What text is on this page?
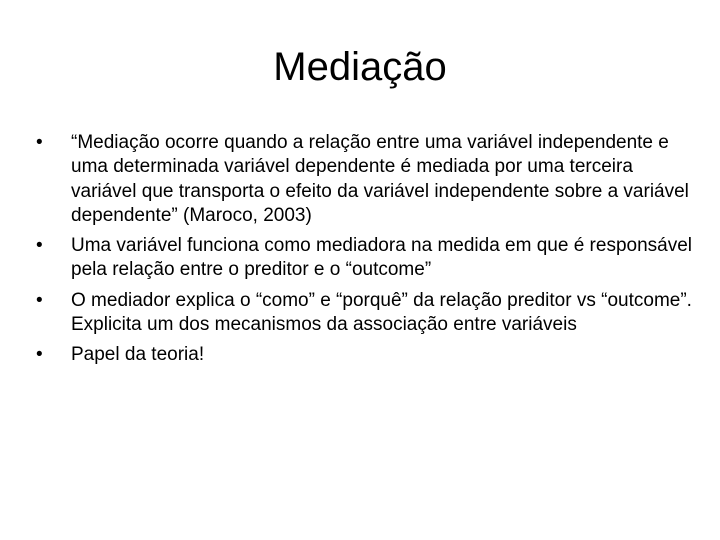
Mediação
•	“Mediação ocorre quando a relação entre uma variável independente e uma determinada variável dependente é mediada por uma terceira variável que transporta o efeito da variável independente sobre a variável dependente” (Maroco, 2003)
•	Uma variável funciona como mediadora na medida em que é responsável pela relação entre o preditor e o “outcome”
•	O mediador explica o “como” e “porquê” da relação preditor vs “outcome”. Explicita um dos mecanismos da associação entre variáveis
•	Papel da teoria!
